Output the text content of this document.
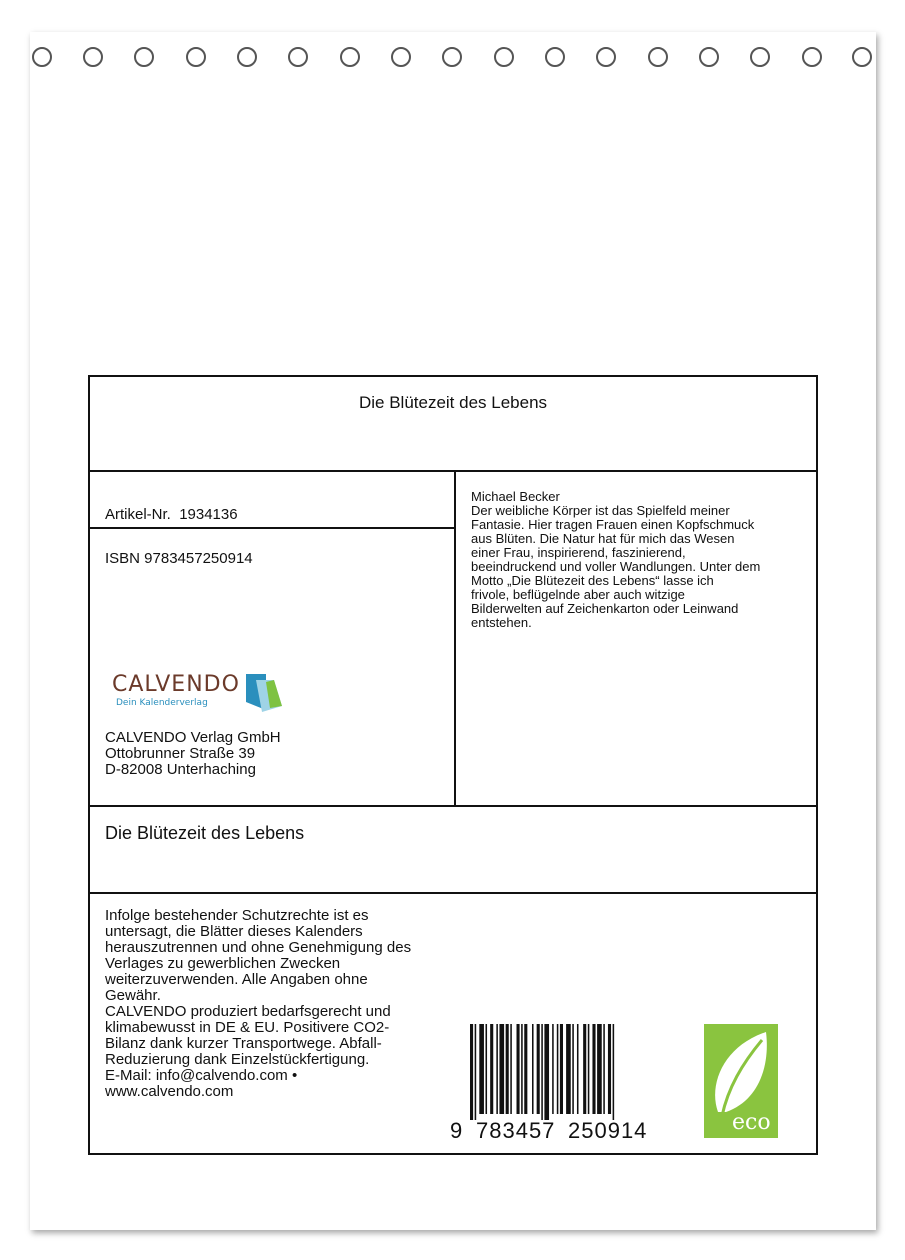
Die Blütezeit des Lebens

Artikel-Nr. 1934136

ISBN 9783457250914
CALVENDO Verlag GmbH
Ottobrunner Straße 39
D-82008 Unterhaching
CALVENDO
Dein Kalenderverlag
Michael Becker
Der weibliche Körper ist das Spielfeld meiner
Fantasie. Hier tragen Frauen einen Kopfschmuck
aus Blüten. Die Natur hat für mich das Wesen
einer Frau, inspirierend, faszinierend,
beeindruckend und voller Wandlungen. Unter dem
Motto „Die Blütezeit des Lebens“ lasse ich
frivole, beflügelnde aber auch witzige
Bilderwelten auf Zeichenkarton oder Leinwand
entstehen.
Die Blütezeit des Lebens
Infolge bestehender Schutzrechte ist es
untersagt, die Blätter dieses Kalenders
herauszutrennen und ohne Genehmigung des
Verlages zu gewerblichen Zwecken
weiterzuverwenden. Alle Angaben ohne
Gewähr.
CALVENDO produziert bedarfsgerecht und
klimabewusst in DE & EU. Positivere CO2-
Bilanz dank kurzer Transportwege. Abfall-
Reduzierung dank Einzelstückfertigung.
E-Mail: info@calvendo.com •
www.calvendo.com
9 783457 250914	eco
